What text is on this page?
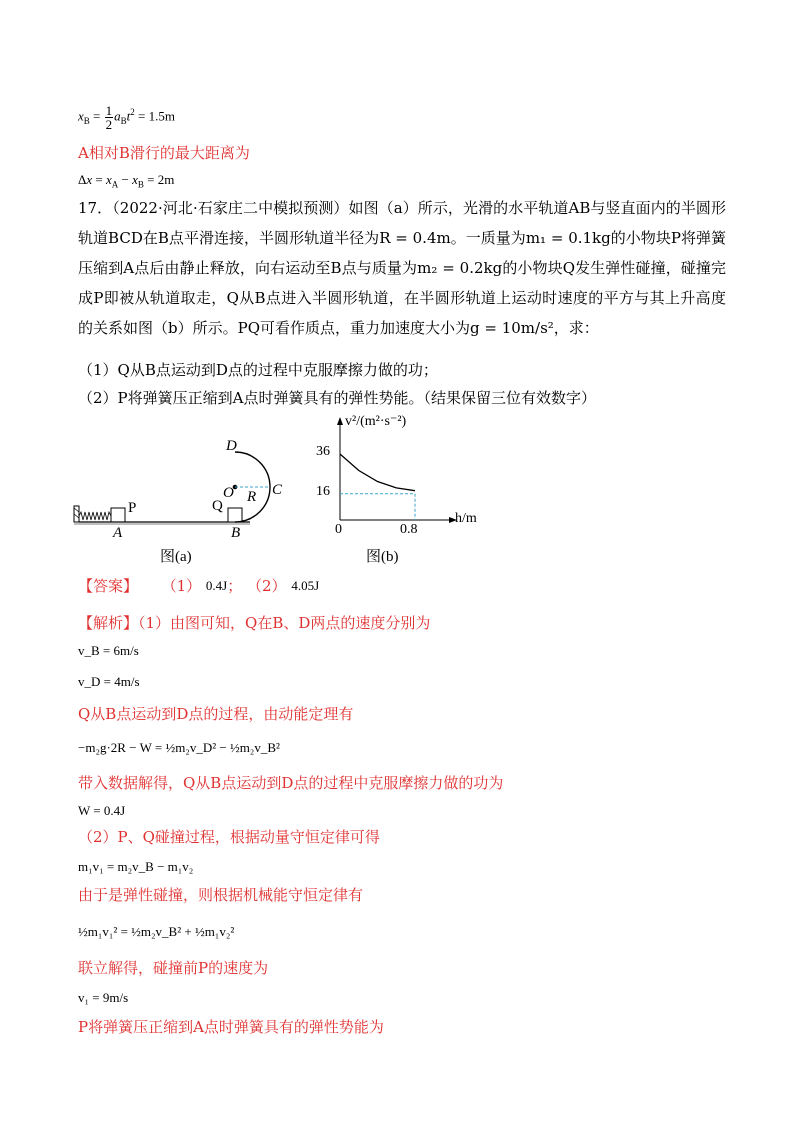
$x_B = \frac{1}{2} a_Bt^2 = 1.5m$
A相对B滑行的最大距离为
$\Delta x = x_A - x_B = 2m$
17．（2022·河北·石家庄二中模拟预测）如图（a）所示，光滑的水平轨道AB与竖直面内的半圆形轨道BCD在B点平滑连接，半圆形轨道半径为R = 0.4m。一质量为m₁ = 0.1kg的小物块P将弹簧压缩到A点后由静止释放，向右运动至B点与质量为m₂ = 0.2kg的小物块Q发生弹性碰撞，碰撞完成P即被从轨道取走，Q从B点进入半圆形轨道，在半圆形轨道上运动时速度的平方与其上升高度的关系如图（b）所示。PQ可看作质点，重力加速度大小为g = 10m/s²，求：
（1）Q从B点运动到D点的过程中克服摩擦力做的功；
（2）P将弹簧压正缩到A点时弹簧具有的弹性势能。（结果保留三位有效数字）
D
O R C
Q
P
A	B
图(a)
v²/(m²·s⁻²)
h/m
36
16
0	0.8
图(b)
【答案】 （1） 0.4J； （2） 4.05J
【解析】（1）由图可知，Q在B、D两点的速度分别为
v_B = 6m/s
v_D = 4m/s
Q从B点运动到D点的过程，由动能定理有
−m₂g·2R − W = ½m₂v_D² − ½m₂v_B²
带入数据解得，Q从B点运动到D点的过程中克服摩擦力做的功为
W = 0.4J
（2）P、Q碰撞过程，根据动量守恒定律可得
m₁v₁ = m₂v_B − m₁v₂
由于是弹性碰撞，则根据机械能守恒定律有
½m₁v₁² = ½m₂v_B² + ½m₁v₂²
联立解得，碰撞前P的速度为
v₁ = 9m/s
P将弹簧压正缩到A点时弹簧具有的弹性势能为
